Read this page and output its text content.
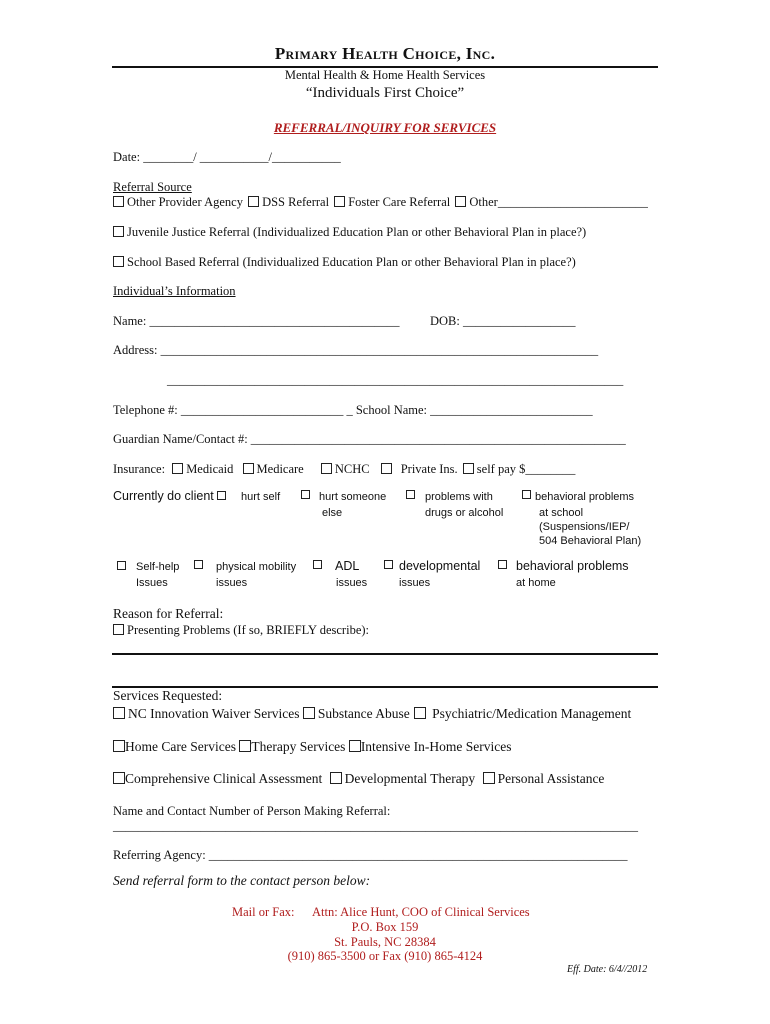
Primary Health Choice, Inc.
Mental Health & Home Health Services
“Individuals First Choice”
REFERRAL/INQUIRY FOR SERVICES
Date: ________/ ___________/___________
Referral Source
Other Provider Agency DSS Referral Foster Care Referral Other________________________
Juvenile Justice Referral (Individualized Education Plan or other Behavioral Plan in place?)
School Based Referral (Individualized Education Plan or other Behavioral Plan in place?)
Individual’s Information
Name: ________________________________________ DOB: __________________
Address: ______________________________________________________________________
_________________________________________________________________________
Telephone #: __________________________ _ School Name: __________________________
Guardian Name/Contact #: ____________________________________________________________
Insurance: Medicaid Medicare NCHC Private Ins. self pay $________
Currently do client	hurt self	hurt someone
else
problems with
drugs or alcohol
behavioral problems
at school
(Suspensions/IEP/
504 Behavioral Plan)
Self-help
Issues
physical mobility
issues
ADL
issues
developmental
issues
behavioral problems
at home
Reason for Referral:
Presenting Problems (If so, BRIEFLY describe):
Services Requested:
NC Innovation Waiver Services Substance Abuse Psychiatric/Medication Management
Home Care Services Therapy Services Intensive In-Home Services
Comprehensive Clinical Assessment Developmental Therapy Personal Assistance
Name and Contact Number of Person Making Referral:
____________________________________________________________________________________
Referring Agency: ___________________________________________________________________
Send referral form to the contact person below:
Mail or Fax: Attn: Alice Hunt, COO of Clinical Services
P.O. Box 159
St. Pauls, NC 28384
(910) 865-3500 or Fax (910) 865-4124
Eff. Date: 6/4//2012
